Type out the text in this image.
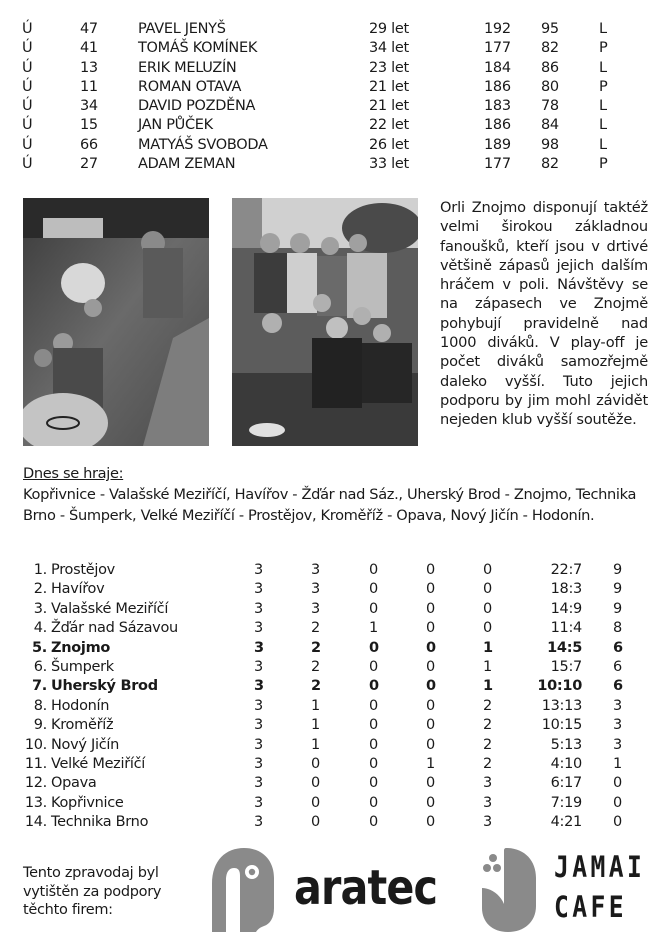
Ú	47	PAVEL JENYŠ	29 let	192 95	L
Ú	41	TOMÁŠ KOMÍNEK	34 let	177 82	P
Ú	13	ERIK MELUZÍN	23 let	184 86	L
Ú	11	ROMAN OTAVA	21 let	186 80	P
Ú	34	DAVID POZDĚNA	21 let	183 78	L
Ú	15	JAN PŮČEK	22 let	186 84	L
Ú	66	MATYÁŠ SVOBODA	26 let	189 98	L
Ú	27	ADAM ZEMAN	33 let	177 82	P
Orli Znojmo disponují taktéž velmi širokou základnou fanoušků, kteří jsou v drtivé většině zápasů jejich dalším hráčem v poli. Návštěvy se na zápasech ve Znojmě pohybují pravidelně nad 1000 diváků. V play-off je počet diváků samozřejmě daleko vyšší. Tuto jejich podporu by jim mohl závidět nejeden klub vyšší soutěže.
Dnes se hraje:
Kopřivnice - Valašské Meziříčí, Havířov - Žďár nad Sáz., Uherský Brod - Znojmo, Technika Brno - Šumperk, Velké Meziříčí - Prostějov, Kroměříž - Opava, Nový Jičín - Hodonín.
1. Prostějov	3	3	0	0	0	22:7 9
2. Havířov	3	3	0	0	0	18:3 9
3. Valašské Meziříčí	3	3	0	0	0	14:9 9
4. Žďár nad Sázavou	3	2	1	0	0	11:4 8
5. Znojmo	3	2	0	0	1	14:5 6
6. Šumperk	3	2	0	0	1	15:7 6
7. Uherský Brod	3	2	0	0	1	10:10 6
8. Hodonín	3	1	0	0	2	13:13 3
9. Kroměříž	3	1	0	0	2	10:15 3
10. Nový Jičín	3	1	0	0	2	5:13 3
11. Velké Meziříčí	3	0	0	1	2	4:10 1
12. Opava	3	0	0	0	3	6:17 0
13. Kopřivnice	3	0	0	0	3	7:19 0
14. Technika Brno	3	0	0	0	3	4:21 0
Tento zpravodaj byl
vytištěn za podpory
těchto firem:	aratec	JAMAI
CAFE
